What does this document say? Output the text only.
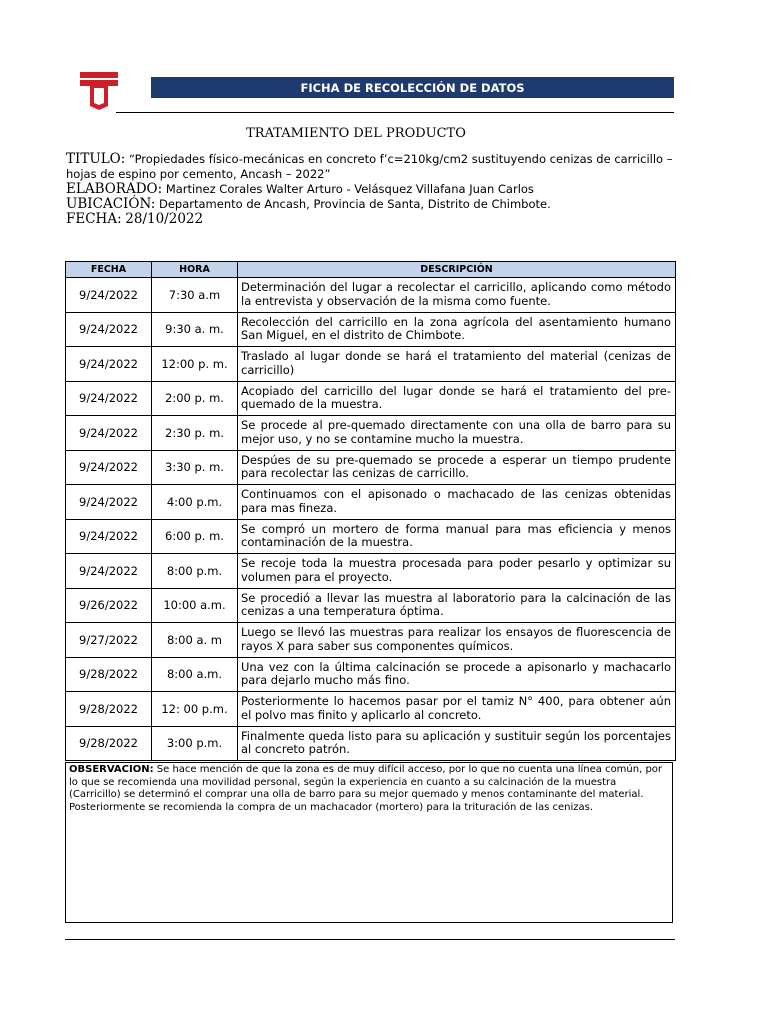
FICHA DE RECOLECCIÓN DE DATOS
TRATAMIENTO DEL PRODUCTO

TITULO: “Propiedades físico-mecánicas en concreto f’c=210kg/cm2 sustituyendo cenizas de carricillo – hojas de espino por cemento, Ancash – 2022”

ELABORADO: Martinez Corales Walter Arturo - Velásquez Villafana Juan Carlos

UBICACIÓN: Departamento de Ancash, Provincia de Santa, Distrito de Chimbote.

FECHA: 28/10/2022

FECHA	HORA	DESCRIPCIÓN
9/24/2022	7:30 a.m	Determinación del lugar a recolectar el carricillo, aplicando como método la entrevista y observación de la misma como fuente.
9/24/2022	9:30 a. m.	Recolección del carricillo en la zona agrícola del asentamiento humano San Miguel, en el distrito de Chimbote.
9/24/2022	12:00 p. m.	Traslado al lugar donde se hará el tratamiento del material (cenizas de carricillo)
9/24/2022	2:00 p. m.	Acopiado del carricillo del lugar donde se hará el tratamiento del pre-quemado de la muestra.
9/24/2022	2:30 p. m.	Se procede al pre-quemado directamente con una olla de barro para su mejor uso, y no se contamine mucho la muestra.
9/24/2022	3:30 p. m.	Despúes de su pre-quemado se procede a esperar un tiempo prudente para recolectar las cenizas de carricillo.
9/24/2022	4:00 p.m.	Continuamos con el apisonado o machacado de las cenizas obtenidas para mas fineza.
9/24/2022	6:00 p. m.	Se compró un mortero de forma manual para mas eficiencia y menos contaminación de la muestra.
9/24/2022	8:00 p.m.	Se recoje toda la muestra procesada para poder pesarlo y optimizar su volumen para el proyecto.
9/26/2022	10:00 a.m.	Se procedió a llevar las muestra al laboratorio para la calcinación de las cenizas a una temperatura óptima.
9/27/2022	8:00 a. m	Luego se llevó las muestras para realizar los ensayos de fluorescencia de rayos X para saber sus componentes químicos.
9/28/2022	8:00 a.m.	Una vez con la última calcinación se procede a apisonarlo y machacarlo para dejarlo mucho más fino.
9/28/2022	12: 00 p.m.	Posteriormente lo hacemos pasar por el tamiz N° 400, para obtener aún el polvo mas finito y aplicarlo al concreto.
9/28/2022	3:00 p.m.	Finalmente queda listo para su aplicación y sustituir según los porcentajes al concreto patrón.
OBSERVACION: Se hace mención de que la zona es de muy difícil acceso, por lo que no cuenta una línea común, por lo que se recomienda una movilidad personal, según la experiencia en cuanto a su calcinación de la muestra (Carricillo) se determinó el comprar una olla de barro para su mejor quemado y menos contaminante del material. Posteriormente se recomienda la compra de un machacador (mortero) para la trituración de las cenizas.
